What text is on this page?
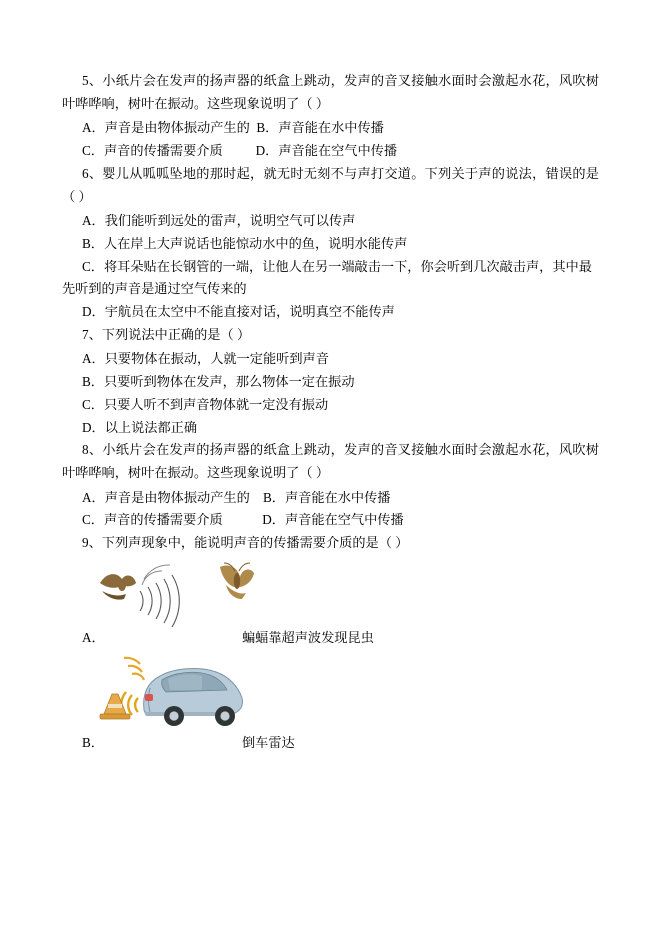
5、小纸片会在发声的扬声器的纸盒上跳动，发声的音叉接触水面时会激起水花，风吹树叶哗哗响，树叶在振动。这些现象说明了（ ）

A．声音是由物体振动产生的  B．声音能在水中传播

C．声音的传播需要介质          D．声音能在空气中传播

6、婴儿从呱呱坠地的那时起，就无时无刻不与声打交道。下列关于声的说法，错误的是（ ）

A．我们能听到远处的雷声，说明空气可以传声

B．人在岸上大声说话也能惊动水中的鱼，说明水能传声

C．将耳朵贴在长钢管的一端，让他人在另一端敲击一下，你会听到几次敲击声，其中最先听到的声音是通过空气传来的

D．宇航员在太空中不能直接对话，说明真空不能传声

7、下列说法中正确的是（ ）

A．只要物体在振动，人就一定能听到声音

B．只要听到物体在发声，那么物体一定在振动

C．只要人听不到声音物体就一定没有振动

D．以上说法都正确

8、小纸片会在发声的扬声器的纸盒上跳动，发声的音叉接触水面时会激起水花，风吹树叶哗哗响，树叶在振动。这些现象说明了（ ）

A．声音是由物体振动产生的    B．声音能在水中传播

C．声音的传播需要介质            D．声音能在空气中传播

9、下列声现象中，能说明声音的传播需要介质的是（ ）

A．	蝙蝠靠超声波发现昆虫

B．	倒车雷达
